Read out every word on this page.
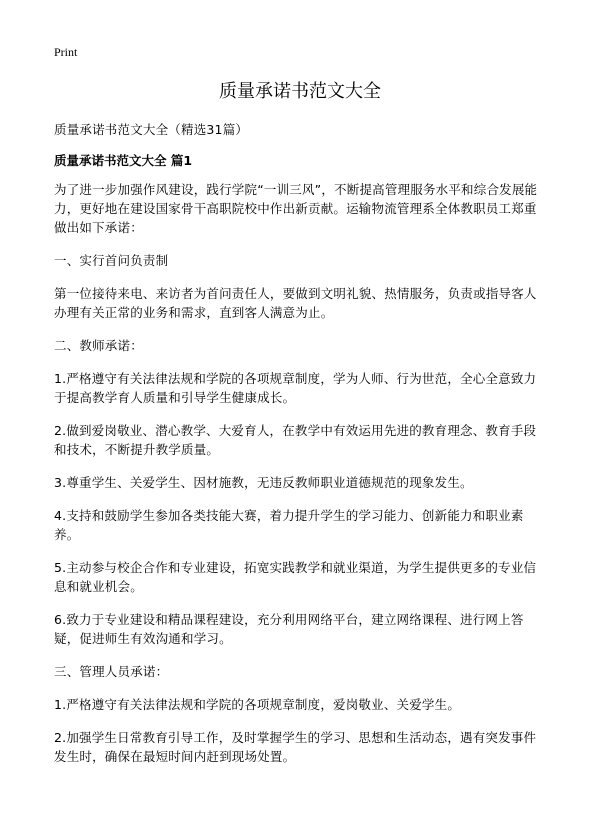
Print
质量承诺书范文大全

质量承诺书范文大全（精选31篇）

质量承诺书范文大全 篇1

为了进一步加强作风建设，践行学院“一训三风”，不断提高管理服务水平和综合发展能力，更好地在建设国家骨干高职院校中作出新贡献。运输物流管理系全体教职员工郑重做出如下承诺：

一、实行首问负责制

第一位接待来电、来访者为首问责任人，要做到文明礼貌、热情服务，负责或指导客人办理有关正常的业务和需求，直到客人满意为止。

二、教师承诺：

1.严格遵守有关法律法规和学院的各项规章制度，学为人师、行为世范，全心全意致力于提高教学育人质量和引导学生健康成长。

2.做到爱岗敬业、潜心教学、大爱育人，在教学中有效运用先进的教育理念、教育手段和技术，不断提升教学质量。

3.尊重学生、关爱学生、因材施教，无违反教师职业道德规范的现象发生。

4.支持和鼓励学生参加各类技能大赛，着力提升学生的学习能力、创新能力和职业素养。

5.主动参与校企合作和专业建设，拓宽实践教学和就业渠道，为学生提供更多的专业信息和就业机会。

6.致力于专业建设和精品课程建设，充分利用网络平台，建立网络课程、进行网上答疑，促进师生有效沟通和学习。

三、管理人员承诺：

1.严格遵守有关法律法规和学院的各项规章制度，爱岗敬业、关爱学生。

2.加强学生日常教育引导工作，及时掌握学生的学习、思想和生活动态，遇有突发事件发生时，确保在最短时间内赶到现场处置。
